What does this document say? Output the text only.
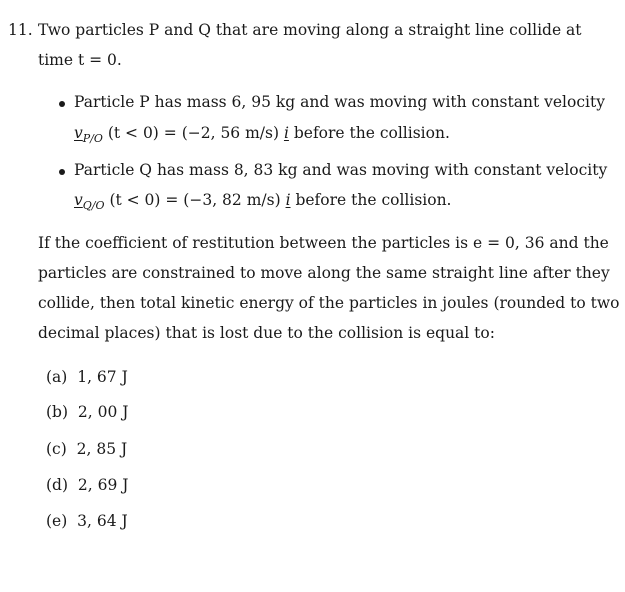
11. Two particles P and Q that are moving along a straight line collide at
time t = 0.
Particle P has mass 6, 95 kg and was moving with constant velocity
$v_{P/O}$ (t < 0) = (−2, 56 m/s) i before the collision.
Particle Q has mass 8, 83 kg and was moving with constant velocity
$v_{Q/O}$ (t < 0) = (−3, 82 m/s) i before the collision.
If the coefficient of restitution between the particles is e = 0, 36 and the
particles are constrained to move along the same straight line after they
collide, then total kinetic energy of the particles in joules (rounded to two
decimal places) that is lost due to the collision is equal to:
(a) 1, 67 J
(b) 2, 00 J
(c) 2, 85 J
(d) 2, 69 J
(e) 3, 64 J
